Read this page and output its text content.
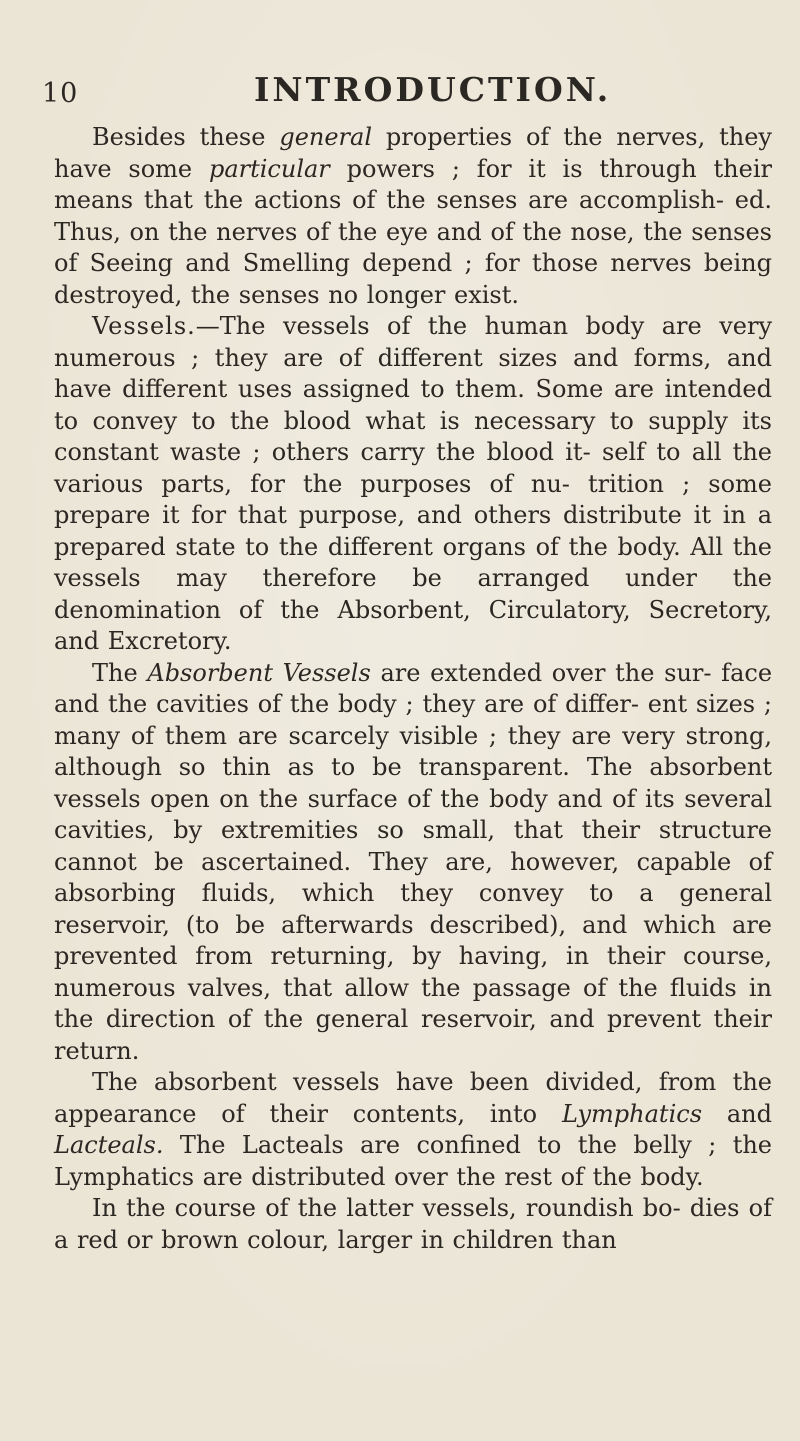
10	INTRODUCTION.

Besides these general properties of the nerves, they have some particular powers ; for it is through their means that the actions of the senses are accomplish- ed. Thus, on the nerves of the eye and of the nose, the senses of Seeing and Smelling depend ; for those nerves being destroyed, the senses no longer exist.

Vessels.—The vessels of the human body are very numerous ; they are of different sizes and forms, and have different uses assigned to them. Some are intended to convey to the blood what is necessary to supply its constant waste ; others carry the blood it- self to all the various parts, for the purposes of nu- trition ; some prepare it for that purpose, and others distribute it in a prepared state to the different organs of the body. All the vessels may therefore be arranged under the denomination of the Absorbent, Circulatory, Secretory, and Excretory.

The Absorbent Vessels are extended over the sur- face and the cavities of the body ; they are of differ- ent sizes ; many of them are scarcely visible ; they are very strong, although so thin as to be transparent. The absorbent vessels open on the surface of the body and of its several cavities, by extremities so small, that their structure cannot be ascertained. They are, however, capable of absorbing fluids, which they convey to a general reservoir, (to be afterwards described), and which are prevented from returning, by having, in their course, numerous valves, that allow the passage of the fluids in the direction of the general reservoir, and prevent their return.

The absorbent vessels have been divided, from the appearance of their contents, into Lymphatics and Lacteals. The Lacteals are confined to the belly ; the Lymphatics are distributed over the rest of the body.

In the course of the latter vessels, roundish bo- dies of a red or brown colour, larger in children than
